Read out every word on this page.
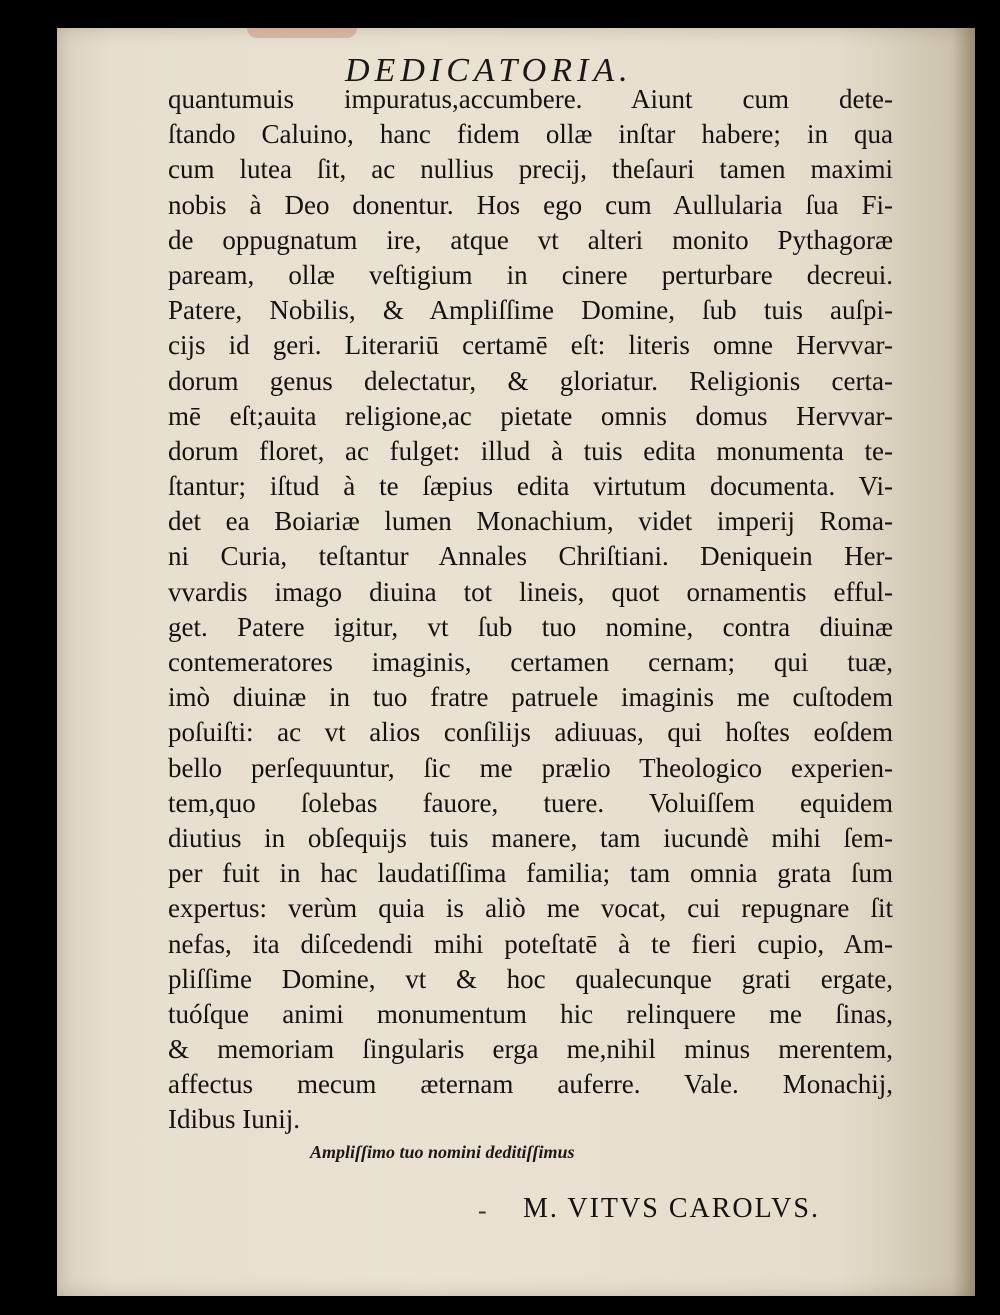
DEDICATORIA.
quantumuis impuratus,accumbere. Aiunt cum dete-
ſtando Caluino, hanc fidem ollæ inſtar habere; in qua
cum lutea ſit, ac nullius precij, theſauri tamen maximi
nobis à Deo donentur. Hos ego cum Aullularia ſua Fi-
de oppugnatum ire, atque vt alteri monito Pythagoræ
paream, ollæ veſtigium in cinere perturbare decreui.
Patere, Nobilis, & Ampliſſime Domine, ſub tuis auſpi-
cijs id geri. Literariū certamē eſt: literis omne Hervvar-
dorum genus delectatur, & gloriatur. Religionis certa-
mē eſt;auita religione,ac pietate omnis domus Hervvar-
dorum floret, ac fulget: illud à tuis edita monumenta te-
ſtantur; iſtud à te ſæpius edita virtutum documenta. Vi-
det ea Boiariæ lumen Monachium, videt imperij Roma-
ni Curia, teſtantur Annales Chriſtiani. Deniquein Her-
vvardis imago diuina tot lineis, quot ornamentis efful-
get. Patere igitur, vt ſub tuo nomine, contra diuinæ
contemeratores imaginis, certamen cernam; qui tuæ,
imò diuinæ in tuo fratre patruele imaginis me cuſtodem
poſuiſti: ac vt alios conſilijs adiuuas, qui hoſtes eoſdem
bello perſequuntur, ſic me prælio Theologico experien-
tem,quo ſolebas fauore, tuere. Voluiſſem equidem
diutius in obſequijs tuis manere, tam iucundè mihi ſem-
per fuit in hac laudatiſſima familia; tam omnia grata ſum
expertus: verùm quia is aliò me vocat, cui repugnare ſit
nefas, ita diſcedendi mihi poteſtatē à te fieri cupio, Am-
pliſſime Domine, vt & hoc qualecunque grati ergate,
tuóſque animi monumentum hic relinquere me ſinas,
& memoriam ſingularis erga me,nihil minus merentem,
affectus mecum æternam auferre. Vale. Monachij,
Idibus Iunij.
Ampliſſimo tuo nomini deditiſſimus
- M. VITVS CAROLVS.
